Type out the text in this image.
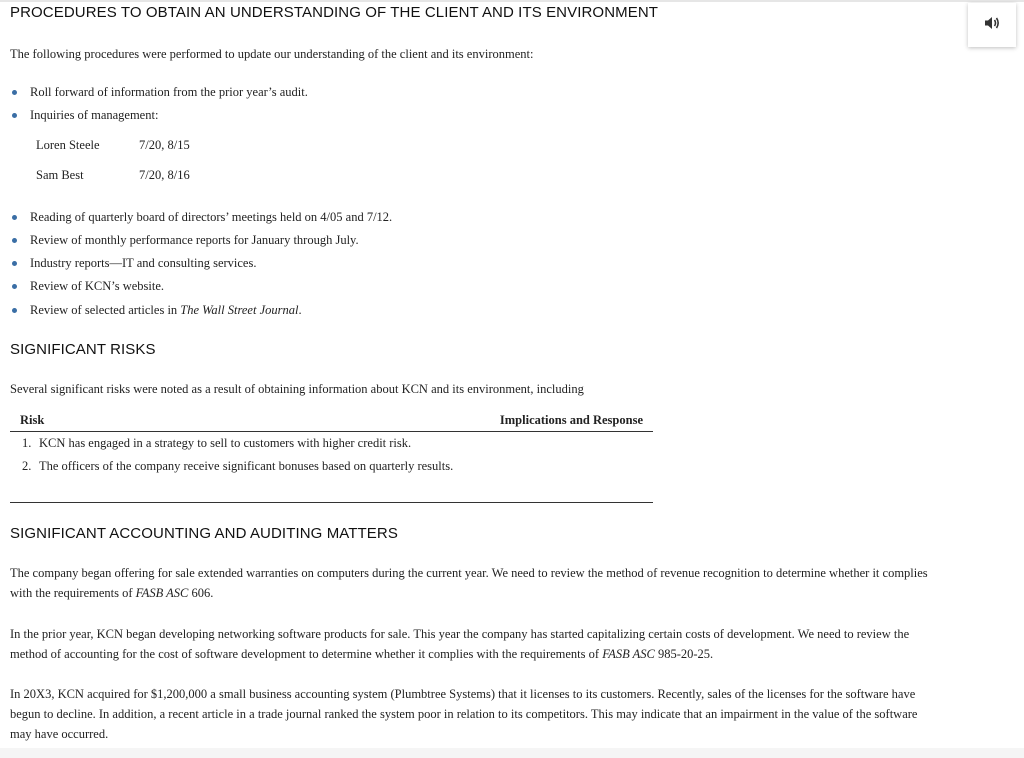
PROCEDURES TO OBTAIN AN UNDERSTANDING OF THE CLIENT AND ITS ENVIRONMENT

The following procedures were performed to update our understanding of the client and its environment:

Roll forward of information from the prior year’s audit.
Inquiries of management:
Loren Steele	7/20, 8/15
Sam Best	7/20, 8/16
Reading of quarterly board of directors’ meetings held on 4/05 and 7/12.
Review of monthly performance reports for January through July.
Industry reports—IT and consulting services.
Review of KCN’s website.
Review of selected articles in The Wall Street Journal.
SIGNIFICANT RISKS

Several significant risks were noted as a result of obtaining information about KCN and its environment, including

Risk	Implications and Response
1. KCN has engaged in a strategy to sell to customers with higher credit risk.
2. The officers of the company receive significant bonuses based on quarterly results.

SIGNIFICANT ACCOUNTING AND AUDITING MATTERS

The company began offering for sale extended warranties on computers during the current year. We need to review the method of revenue recognition to determine whether it complies with the requirements of FASB ASC 606.

In the prior year, KCN began developing networking software products for sale. This year the company has started capitalizing certain costs of development. We need to review the method of accounting for the cost of software development to determine whether it complies with the requirements of FASB ASC 985-20-25.

In 20X3, KCN acquired for $1,200,000 a small business accounting system (Plumbtree Systems) that it licenses to its customers. Recently, sales of the licenses for the software have begun to decline. In addition, a recent article in a trade journal ranked the system poor in relation to its competitors. This may indicate that an impairment in the value of the software may have occurred.
